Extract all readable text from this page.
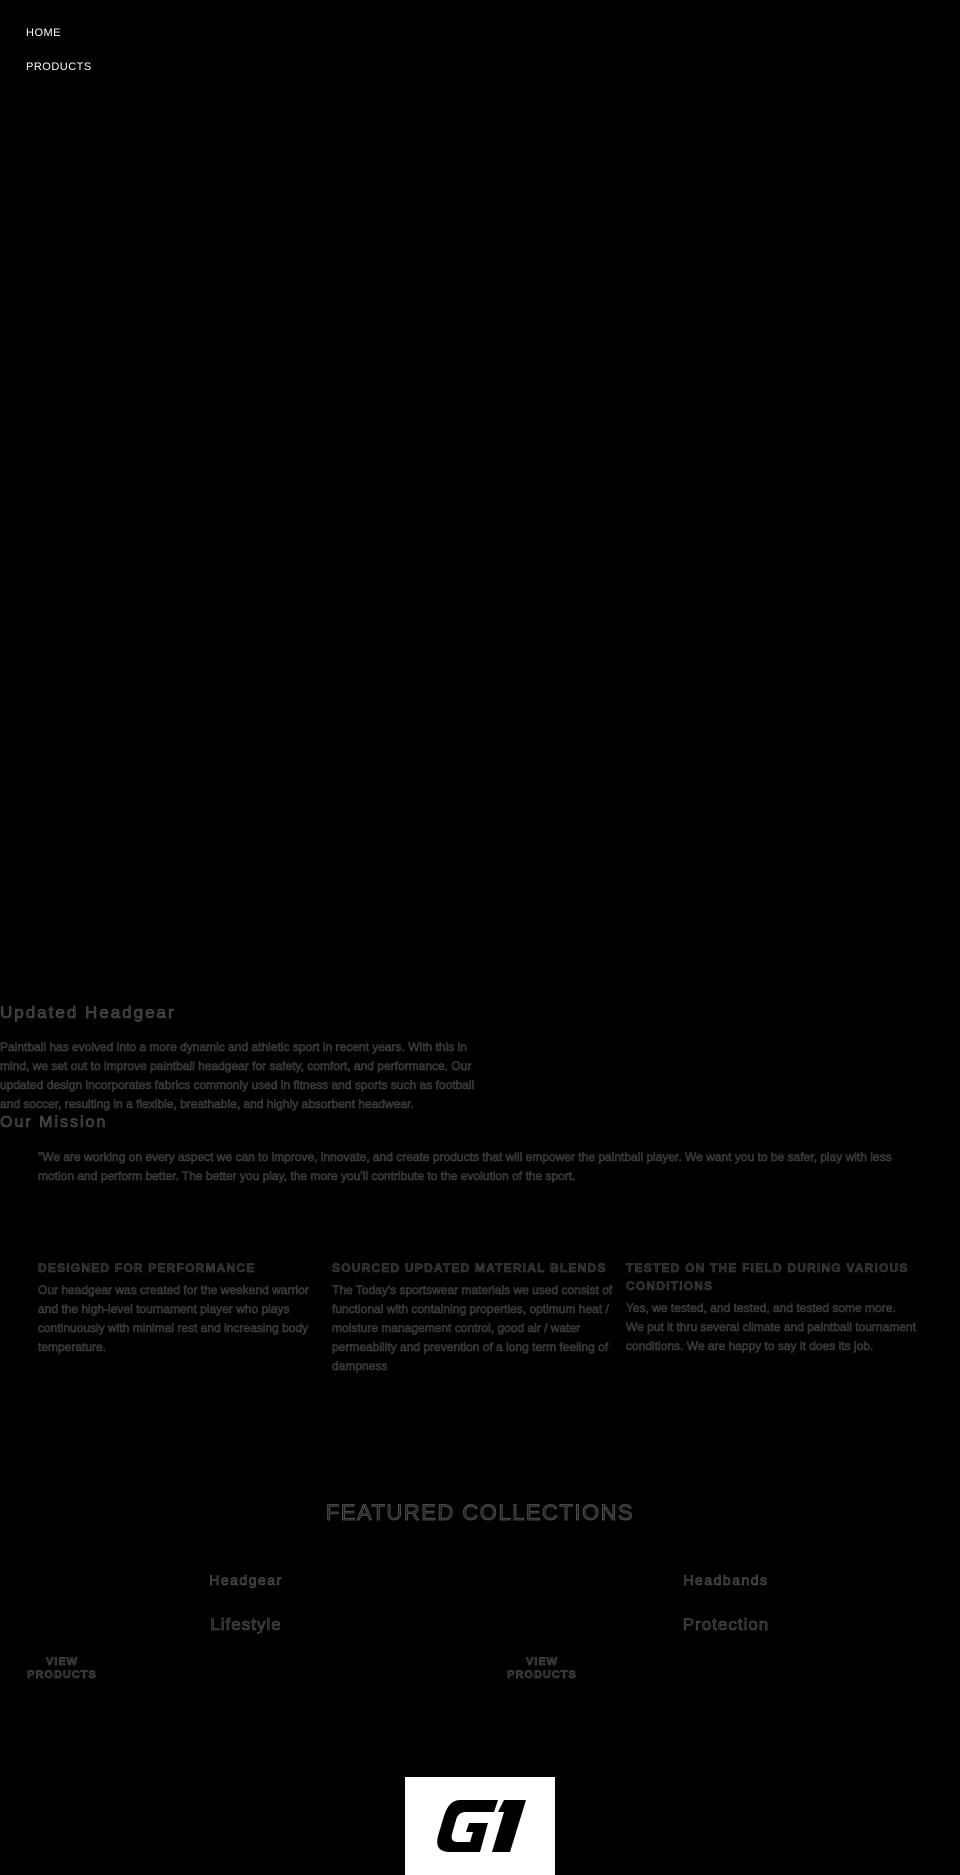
HOME
PRODUCTS
Updated Headgear

Paintball has evolved into a more dynamic and athletic sport in recent years. With this in mind, we set out to improve paintball headgear for safety, comfort, and performance. Our updated design incorporates fabrics commonly used in fitness and sports such as football and soccer, resulting in a flexible, breathable, and highly absorbent headwear.

Our Mission

"We are working on every aspect we can to improve, innovate, and create products that will empower the paintball player. We want you to be safer, play with less motion and perform better. The better you play, the more you'll contribute to the evolution of the sport.

DESIGNED FOR PERFORMANCE

Our headgear was created for the weekend warrior and the high-level tournament player who plays continuously with minimal rest and increasing body temperature.

SOURCED UPDATED MATERIAL BLENDS

The Today's sportswear materials we used consist of functional with containing properties, optimum heat / moisture management control, good air / water permeability and prevention of a long term feeling of dampness

TESTED ON THE FIELD DURING VARIOUS CONDITIONS

Yes, we tested, and tested, and tested some more. We put it thru several climate and paintball tournament conditions. We are happy to say it does its job.

FEATURED COLLECTIONS
Headgear
Lifestyle
Headbands
Protection
VIEW PRODUCTS
VIEW PRODUCTS
